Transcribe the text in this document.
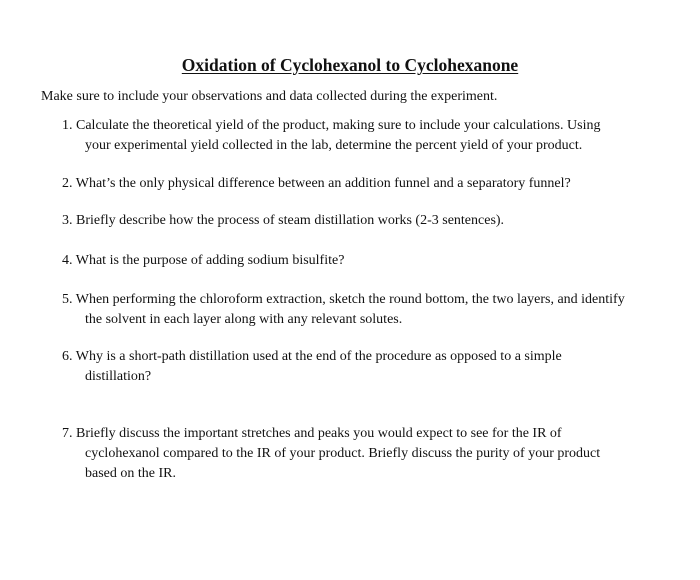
Oxidation of Cyclohexanol to Cyclohexanone
Make sure to include your observations and data collected during the experiment.
1. Calculate the theoretical yield of the product, making sure to include your calculations. Using
your experimental yield collected in the lab, determine the percent yield of your product.
2. What’s the only physical difference between an addition funnel and a separatory funnel?
3. Briefly describe how the process of steam distillation works (2-3 sentences).
4. What is the purpose of adding sodium bisulfite?
5. When performing the chloroform extraction, sketch the round bottom, the two layers, and identify
the solvent in each layer along with any relevant solutes.
6. Why is a short-path distillation used at the end of the procedure as opposed to a simple
distillation?
7. Briefly discuss the important stretches and peaks you would expect to see for the IR of
cyclohexanol compared to the IR of your product. Briefly discuss the purity of your product
based on the IR.
